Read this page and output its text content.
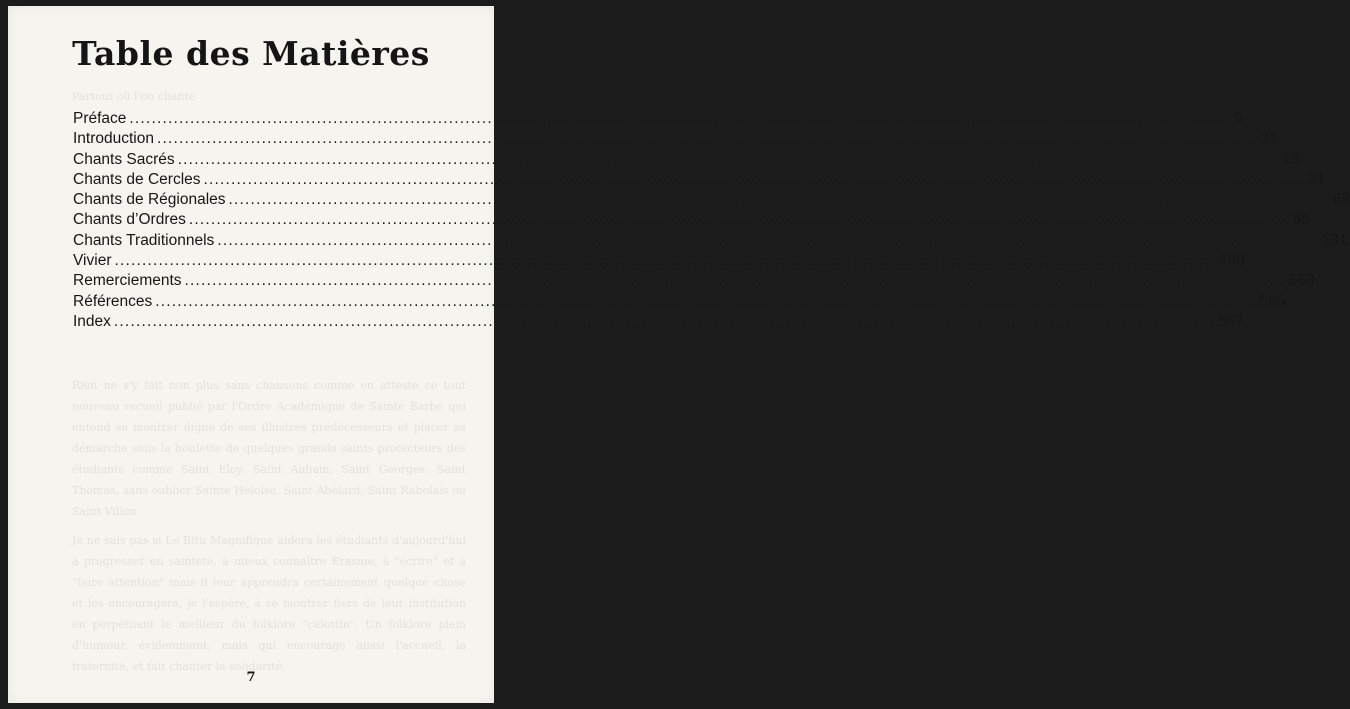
Partout où l'on chante

Rien ne s'y fait non plus sans chansons comme en atteste ce tout nouveau recueil publié par l'Ordre Académique de Sainte Barbe qui entend se montrer digne de ses illustres prédécesseurs et placer sa démarche sous la houlette de quelques grands saints protecteurs des étudiants comme Saint Eloy, Saint Aubain, Saint Georges, Saint Thomas, sans oublier Sainte Héloïse, Saint Abélard, Saint Rabolais ou Saint Villon

Je ne sais pas si Le Bitu Magnifique aidera les étudiants d'aujourd'hui à progresser en sainteté, à mieux connaître Érasme, à "écrire" et à "faire attention" mais il leur apprendra certainement quelque chose et les encouragera, je l'espère, à se montrer fiers de leur institution en perpétuant le meilleur du folklore "calottin". Un folklore plein d'humour, évidemment, mais qui encourage aussi l'accueil, la fraternité, et fait chanter la solidarité.

Table des Matières
Préface ........................................................................................................................................................................................................ 9
Introduction ........................................................................................................................................................................................................ 11
Chants Sacrés ........................................................................................................................................................................................................ 13
Chants de Cercles ........................................................................................................................................................................................................ 31
Chants de Régionales ........................................................................................................................................................................................................ 63
Chants d’Ordres ........................................................................................................................................................................................................ 95
Chants Traditionnels ........................................................................................................................................................................................................ 131
Vivier ........................................................................................................................................................................................................ 489
Remerciements ........................................................................................................................................................................................................ 563
Références ........................................................................................................................................................................................................ 565
Index ........................................................................................................................................................................................................ 567
7
